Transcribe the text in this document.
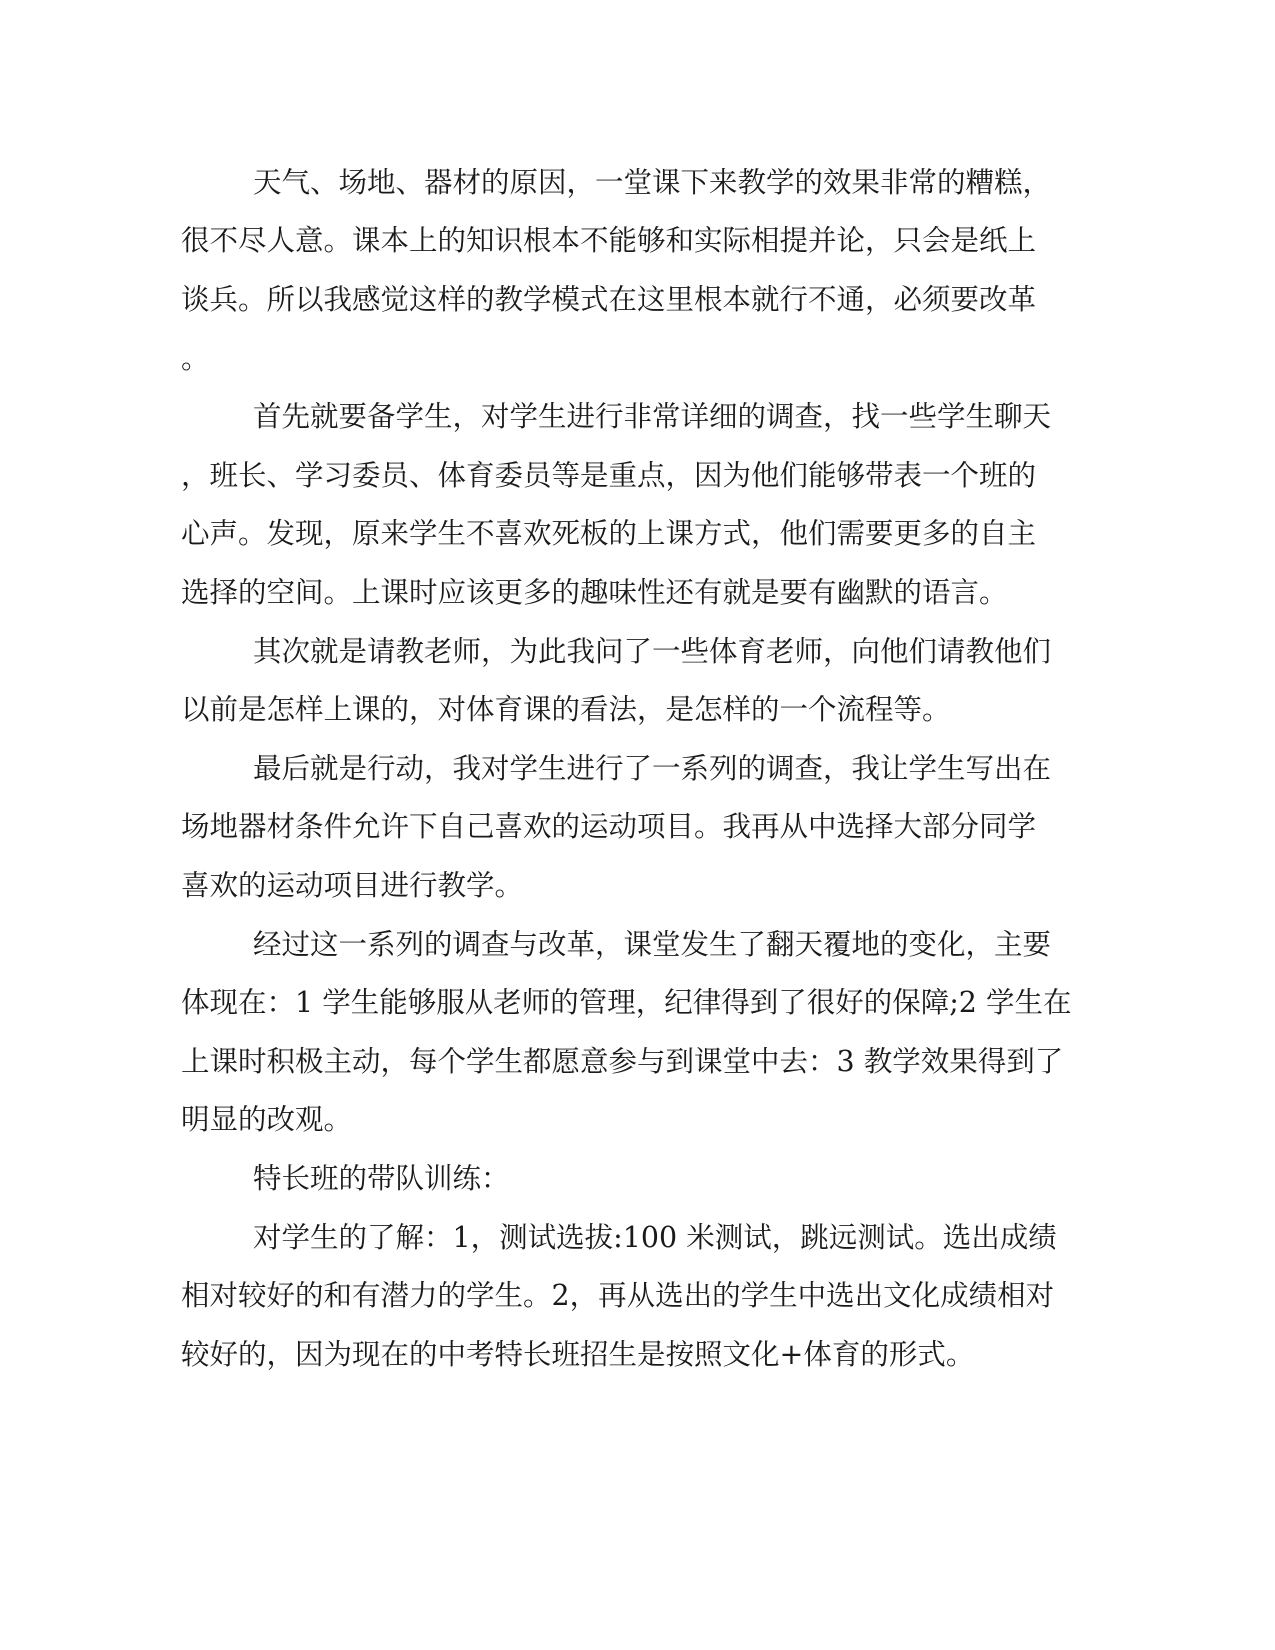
天气、场地、器材的原因，一堂课下来教学的效果非常的糟糕，
很不尽人意。课本上的知识根本不能够和实际相提并论，只会是纸上
谈兵。所以我感觉这样的教学模式在这里根本就行不通，必须要改革
。
首先就要备学生，对学生进行非常详细的调查，找一些学生聊天
，班长、学习委员、体育委员等是重点，因为他们能够带表一个班的
心声。发现，原来学生不喜欢死板的上课方式，他们需要更多的自主
选择的空间。上课时应该更多的趣味性还有就是要有幽默的语言。
其次就是请教老师，为此我问了一些体育老师，向他们请教他们
以前是怎样上课的，对体育课的看法，是怎样的一个流程等。
最后就是行动，我对学生进行了一系列的调查，我让学生写出在
场地器材条件允许下自己喜欢的运动项目。我再从中选择大部分同学
喜欢的运动项目进行教学。
经过这一系列的调查与改革，课堂发生了翻天覆地的变化，主要
体现在：1 学生能够服从老师的管理，纪律得到了很好的保障;2 学生在
上课时积极主动，每个学生都愿意参与到课堂中去：3 教学效果得到了
明显的改观。
特长班的带队训练：
对学生的了解：1，测试选拔:100 米测试，跳远测试。选出成绩
相对较好的和有潜力的学生。2，再从选出的学生中选出文化成绩相对
较好的，因为现在的中考特长班招生是按照文化+体育的形式。
